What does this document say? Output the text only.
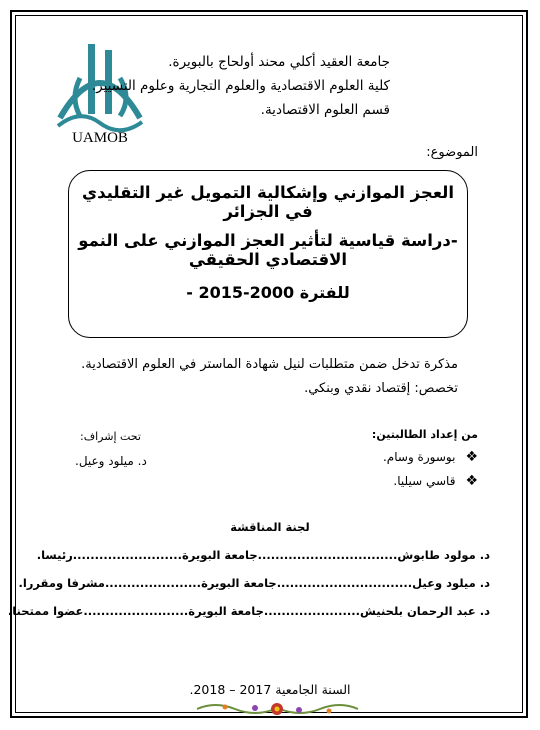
UAMOB
جامعة العقيد أكلي محند أولحاج بالبويرة.
كلية العلوم الاقتصادية والعلوم التجارية وعلوم التسيير.
قسم العلوم الاقتصادية.
الموضوع:
العجز الموازني وإشكالية التمويل غير التقليدي في الجزائر
-دراسة قياسية لتأثير العجز الموازني على النمو الاقتصادي الحقيقي
للفترة 2000-2015 -
مذكرة تدخل ضمن متطلبات لنيل شهادة الماستر في العلوم الاقتصادية.
تخصص: إقتصاد نقدي وبنكي.
من إعداد الطالبتين:
❖
بوسورة وسام.
❖
قاسي سيليا.
تحت إشراف:
د. ميلود وعيل.
لجنة المناقشة
د. مولود طابوش................................جامعة البويرة.........................رئيسا.
د. ميلود وعيل...............................جامعة البويرة......................مشرفا ومقررا.
د. عبد الرحمان بلحنيش......................جامعة البويرة........................عضوا ممتحنا.
السنة الجامعية 2017 – 2018.
